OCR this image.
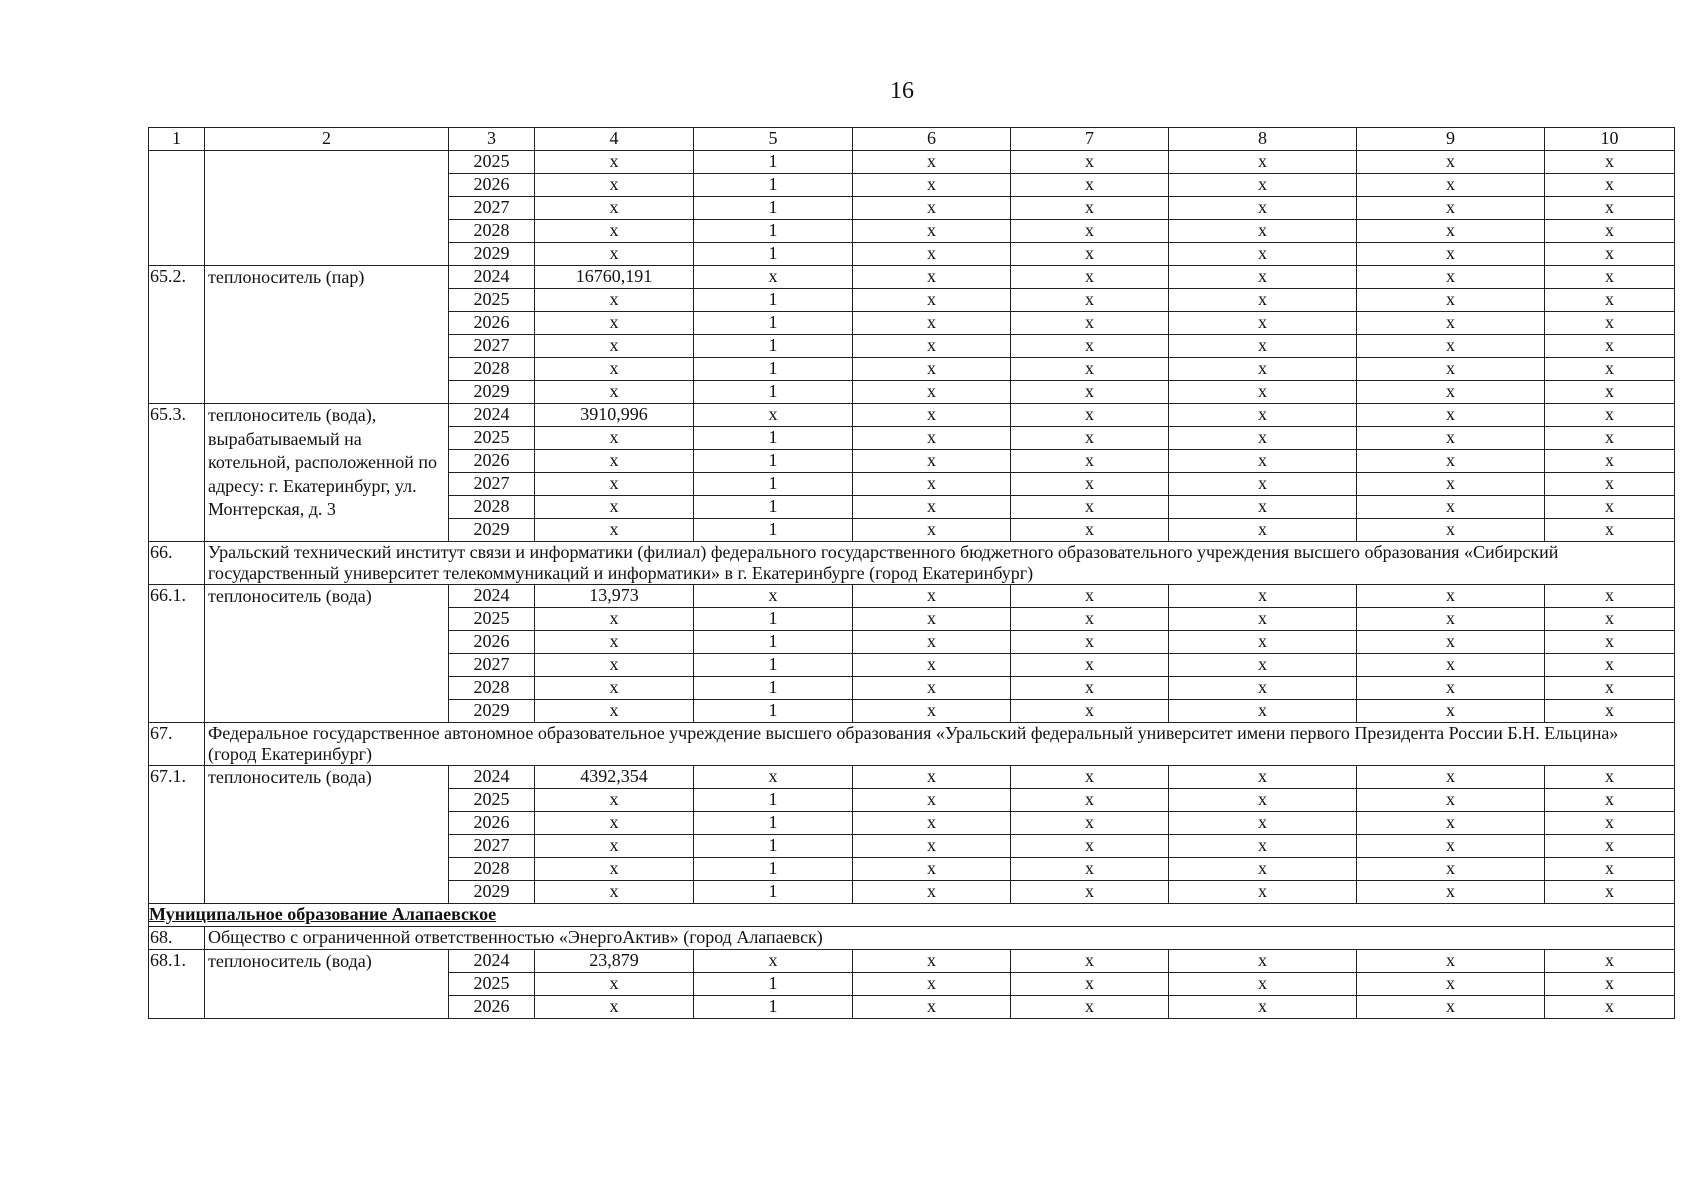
16
1	2	3	4	5	6	7	8	9	10
		2025	х	1	х	х	х	х	х
		2026	х	1	х	х	х	х	х
		2027	х	1	х	х	х	х	х
		2028	х	1	х	х	х	х	х
		2029	х	1	х	х	х	х	х
65.2.	теплоноситель (пар)	2024	16760,191	х	х	х	х	х	х
		2025	х	1	х	х	х	х	х
		2026	х	1	х	х	х	х	х
		2027	х	1	х	х	х	х	х
		2028	х	1	х	х	х	х	х
		2029	х	1	х	х	х	х	х
65.3.	теплоноситель (вода), вырабатываемый на котельной, расположенной по адресу: г. Екатеринбург, ул. Монтерская, д. 3	2024	3910,996	х	х	х	х	х	х
		2025	х	1	х	х	х	х	х
		2026	х	1	х	х	х	х	х
		2027	х	1	х	х	х	х	х
		2028	х	1	х	х	х	х	х
		2029	х	1	х	х	х	х	х
66.	Уральский технический институт связи и информатики (филиал) федерального государственного бюджетного образовательного учреждения высшего образования «Сибирский государственный университет телекоммуникаций и информатики» в г. Екатеринбурге (город Екатеринбург)								
66.1.	теплоноситель (вода)	2024	13,973	х	х	х	х	х	х
		2025	х	1	х	х	х	х	х
		2026	х	1	х	х	х	х	х
		2027	х	1	х	х	х	х	х
		2028	х	1	х	х	х	х	х
		2029	х	1	х	х	х	х	х
67.	Федеральное государственное автономное образовательное учреждение высшего образования «Уральский федеральный университет имени первого Президента России Б.Н. Ельцина» (город Екатеринбург)								
67.1.	теплоноситель (вода)	2024	4392,354	х	х	х	х	х	х
		2025	х	1	х	х	х	х	х
		2026	х	1	х	х	х	х	х
		2027	х	1	х	х	х	х	х
		2028	х	1	х	х	х	х	х
		2029	х	1	х	х	х	х	х
Муниципальное образование Алапаевское									
68.	Общество с ограниченной ответственностью «ЭнергоАктив» (город Алапаевск)								
68.1.	теплоноситель (вода)	2024	23,879	х	х	х	х	х	х
		2025	х	1	х	х	х	х	х
		2026	х	1	х	х	х	х	х
